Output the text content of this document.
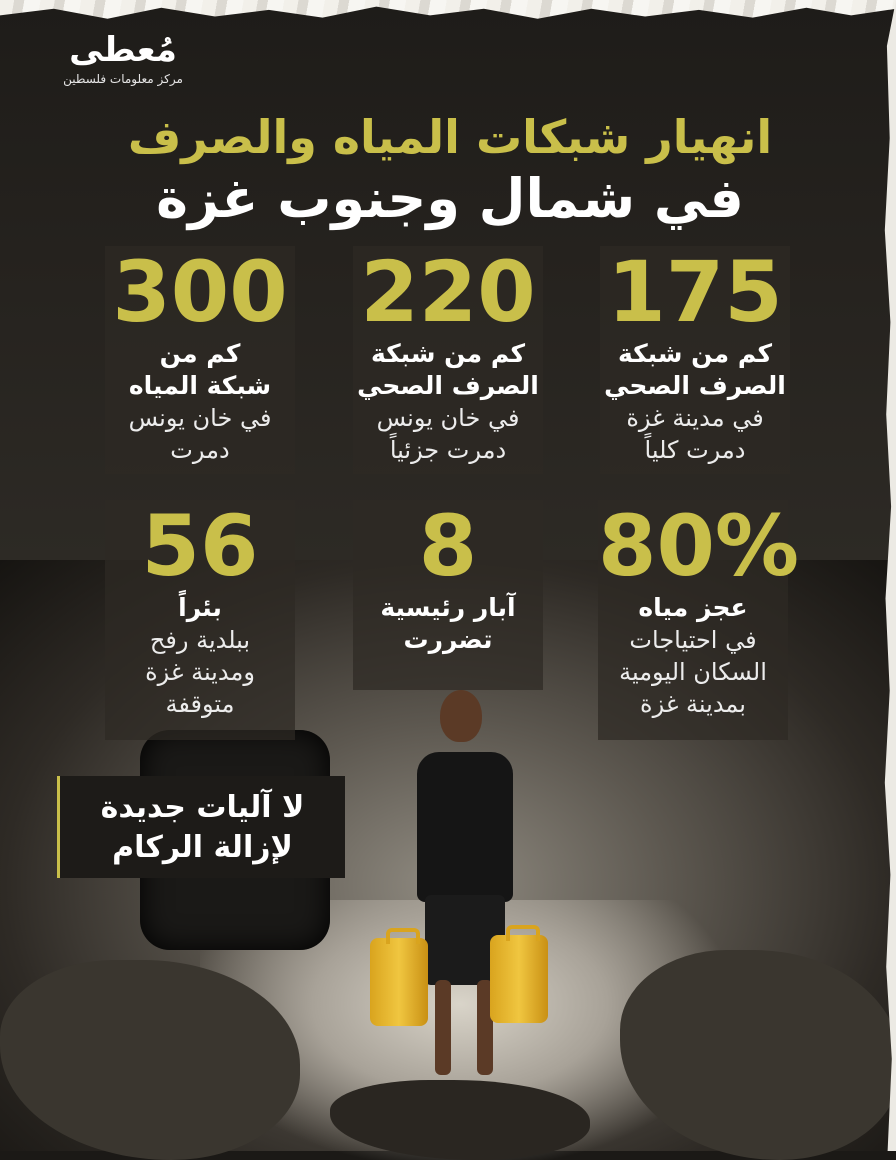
مُعطى
مركز معلومات فلسطين
انهيار شبكات المياه والصرف
في شمال وجنوب غزة
175
كم من شبكة
الصرف الصحي
في مدينة غزة
دمرت كلياً
220
كم من شبكة
الصرف الصحي
في خان يونس
دمرت جزئياً
300
كم من
شبكة المياه
في خان يونس
دمرت
80%
عجز مياه
في احتياجات
السكان اليومية
بمدينة غزة
8
آبار رئيسية
تضررت
56
بئراً
ببلدية رفح
ومدينة غزة
متوقفة
لا آليات جديدة
لإزالة الركام
